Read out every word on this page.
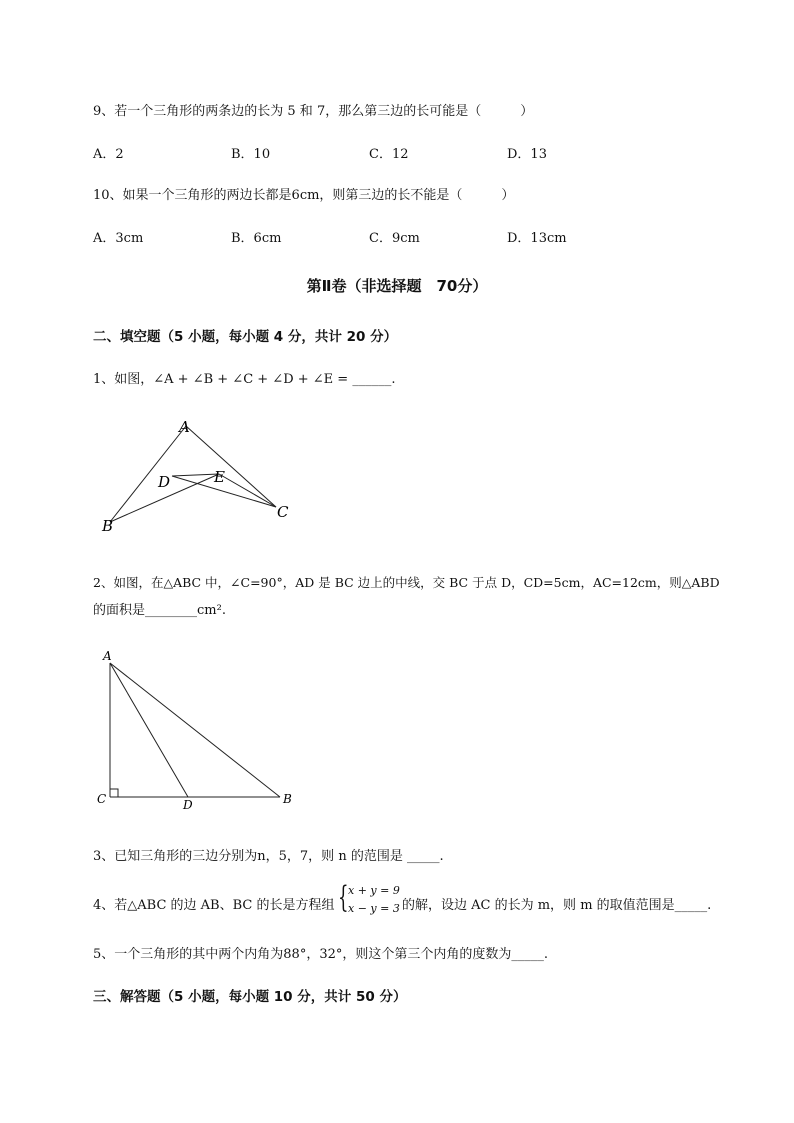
9、若一个三角形的两条边的长为 5 和 7，那么第三边的长可能是（　　　）
A．2	B．10	C．12	D．13
10、如果一个三角形的两边长都是6cm，则第三边的长不能是（　　　）
A．3cm	B．6cm	C．9cm	D．13cm
第Ⅱ卷（非选择题　70分）
二、填空题（5 小题，每小题 4 分，共计 20 分）
1、如图，∠A + ∠B + ∠C + ∠D + ∠E = ______.
A
B
C
D	E
2、如图，在△ABC 中，∠C=90°，AD 是 BC 边上的中线，交 BC 于点 D，CD=5cm，AC=12cm，则△ABD
的面积是________cm².
A
C	D	B
3、已知三角形的三边分别为n，5，7，则 n 的范围是 _____.
4、若△ABC 的边 AB、BC 的长是方程组 { x + y = 9
x − y = 3 的解，设边 AC 的长为 m，则 m 的取值范围是_____.
5、一个三角形的其中两个内角为88°，32°，则这个第三个内角的度数为_____.
三、解答题（5 小题，每小题 10 分，共计 50 分）
